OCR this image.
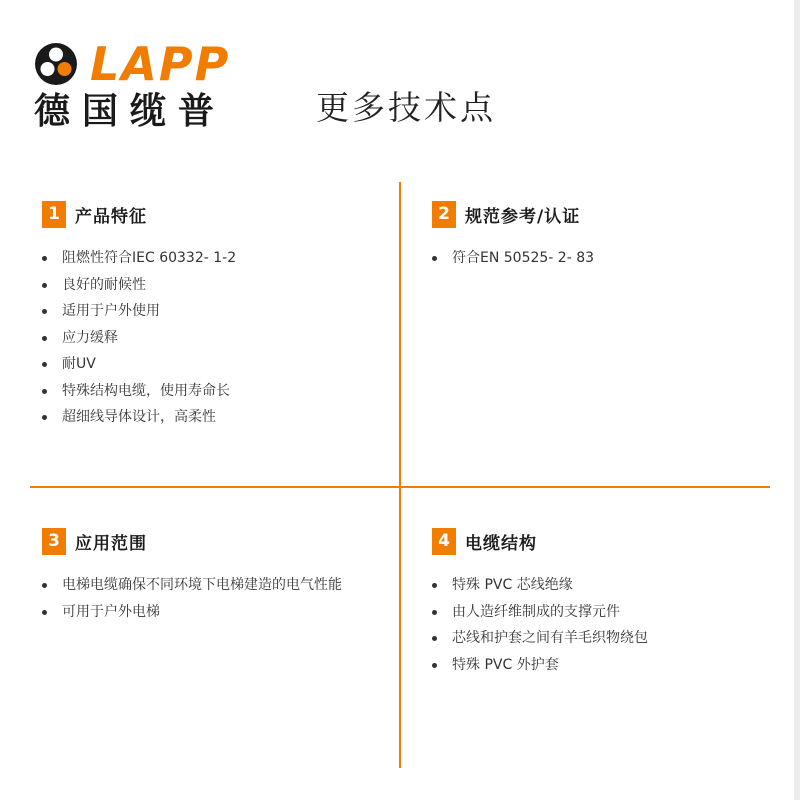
LAPP
德国缆普	更多技术点
1 产品特征
阻燃性符合IEC 60332- 1-2
良好的耐候性
适用于户外使用
应力缓释
耐UV
特殊结构电缆，使用寿命长
超细线导体设计，高柔性
2 规范参考/认证
符合EN 50525- 2- 83
3 应用范围
电梯电缆确保不同环境下电梯建造的电气性能
可用于户外电梯
4 电缆结构
特殊 PVC 芯线绝缘
由人造纤维制成的支撑元件
芯线和护套之间有羊毛织物绕包
特殊 PVC 外护套
